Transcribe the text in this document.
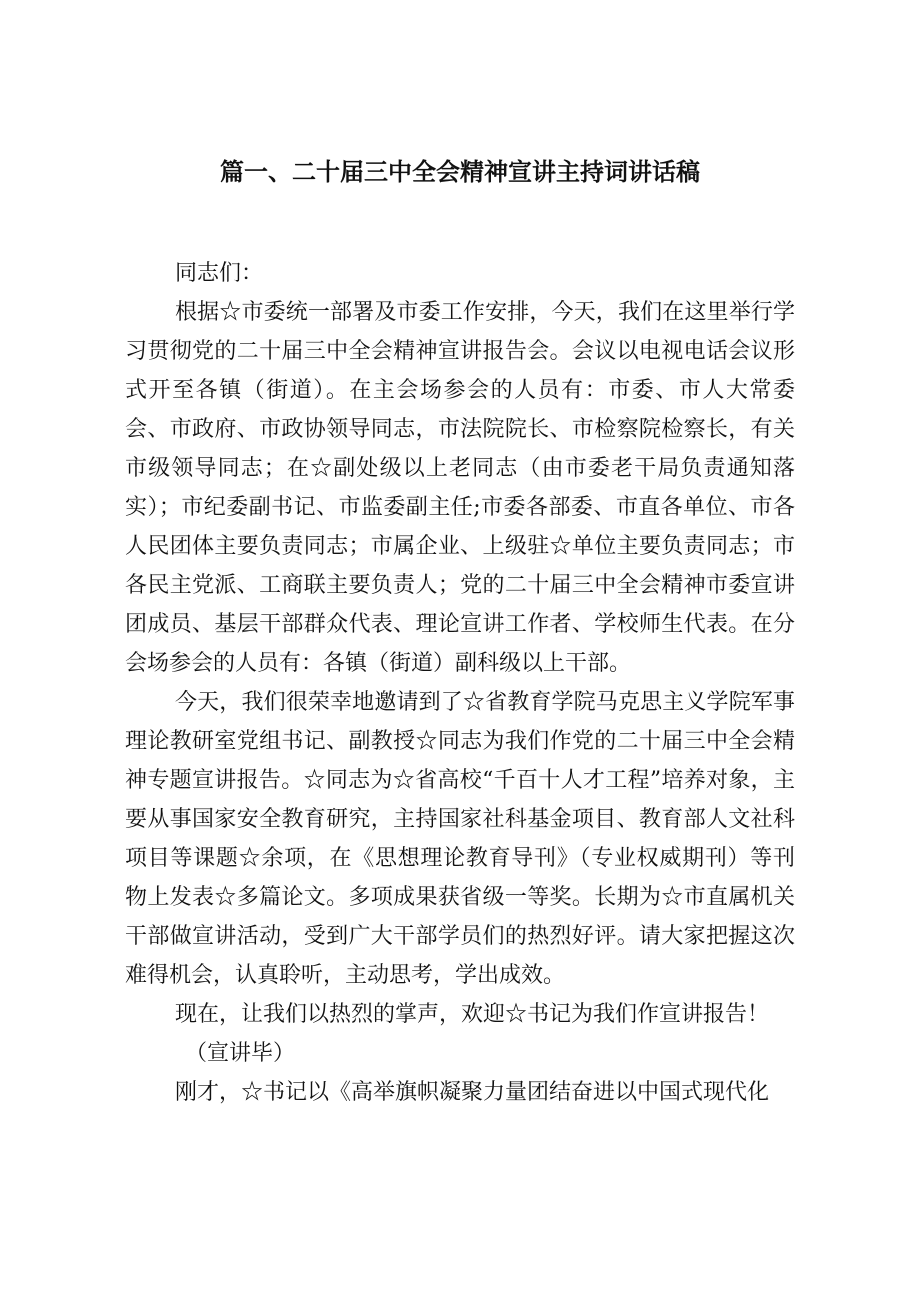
篇一、二十届三中全会精神宣讲主持词讲话稿

同志们：

根据☆市委统一部署及市委工作安排，今天，我们在这里举行学习贯彻党的二十届三中全会精神宣讲报告会。会议以电视电话会议形式开至各镇（街道）。在主会场参会的人员有：市委、市人大常委会、市政府、市政协领导同志，市法院院长、市检察院检察长，有关市级领导同志；在☆副处级以上老同志（由市委老干局负责通知落实）；市纪委副书记、市监委副主任;市委各部委、市直各单位、市各人民团体主要负责同志；市属企业、上级驻☆单位主要负责同志；市各民主党派、工商联主要负责人；党的二十届三中全会精神市委宣讲团成员、基层干部群众代表、理论宣讲工作者、学校师生代表。在分会场参会的人员有：各镇（街道）副科级以上干部。

今天，我们很荣幸地邀请到了☆省教育学院马克思主义学院军事理论教研室党组书记、副教授☆同志为我们作党的二十届三中全会精神专题宣讲报告。☆同志为☆省高校“千百十人才工程”培养对象，主要从事国家安全教育研究，主持国家社科基金项目、教育部人文社科项目等课题☆余项，在《思想理论教育导刊》（专业权威期刊）等刊物上发表☆多篇论文。多项成果获省级一等奖。长期为☆市直属机关干部做宣讲活动，受到广大干部学员们的热烈好评。请大家把握这次难得机会，认真聆听，主动思考，学出成效。

现在，让我们以热烈的掌声，欢迎☆书记为我们作宣讲报告！

（宣讲毕）

刚才，☆书记以《高举旗帜凝聚力量团结奋进以中国式现代化
